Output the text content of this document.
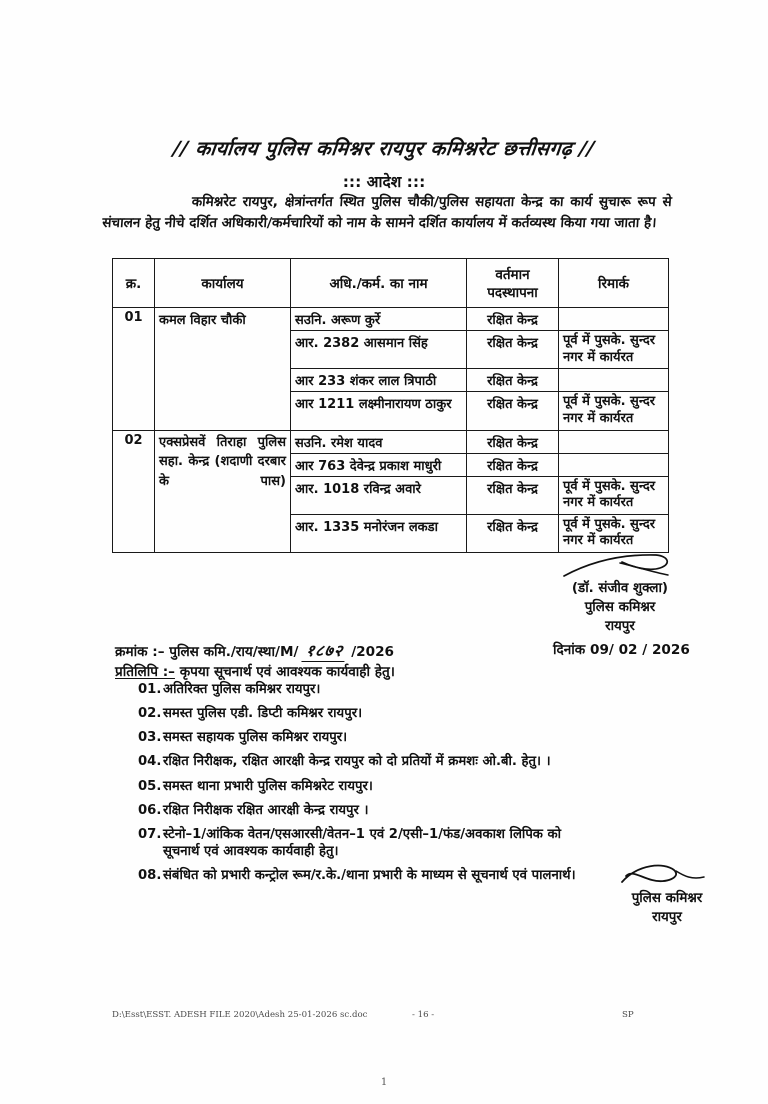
// कार्यालय पुलिस कमिश्नर रायपुर कमिश्नरेट छत्तीसगढ़ //
::: आदेश :::
कमिश्नरेट रायपुर, क्षेत्रांन्तर्गत स्थित पुलिस चौकी/पुलिस सहायता केन्द्र का कार्य सुचारू रूप से संचालन हेतु नीचे दर्शित अधिकारी/कर्मचारियों को नाम के सामने दर्शित कार्यालय में कर्तव्यस्थ किया गया जाता है।
क्र.	कार्यालय	अधि./कर्म. का नाम	वर्तमान पदस्थापना	रिमार्क
01	कमल विहार चौकी	सउनि. अरूण कुर्रे	रक्षित केन्द्र	
		आर. 2382 आसमान सिंह	रक्षित केन्द्र	पूर्व में पुसके. सुन्दर नगर में कार्यरत
		आर 233 शंकर लाल त्रिपाठी	रक्षित केन्द्र	
		आर 1211 लक्ष्मीनारायण ठाकुर	रक्षित केन्द्र	पूर्व में पुसके. सुन्दर नगर में कार्यरत
02	एक्सप्रेसवें तिराहा पुलिस सहा. केन्द्र (शदाणी दरबार के पास)	सउनि. रमेश यादव	रक्षित केन्द्र	
		आर 763 देवेन्द्र प्रकाश माधुरी	रक्षित केन्द्र	
		आर. 1018 रविन्द्र अवारे	रक्षित केन्द्र	पूर्व में पुसके. सुन्दर नगर में कार्यरत
		आर. 1335 मनोरंजन लकडा	रक्षित केन्द्र	पूर्व में पुसके. सुन्दर नगर में कार्यरत
(डॉ. संजीव शुक्ला)
पुलिस कमिश्नर
रायपुर
क्रमांक :– पुलिस कमि./राय/स्था/M/ १८७२ /2026	दिनांक 09/ 02 / 2026
प्रतिलिपि :– कृपया सूचनार्थ एवं आवश्यक कार्यवाही हेतु।
01. अतिरिक्त पुलिस कमिश्नर रायपुर।
02. समस्त पुलिस एडी. डिप्टी कमिश्नर रायपुर।
03. समस्त सहायक पुलिस कमिश्नर रायपुर।
04. रक्षित निरीक्षक, रक्षित आरक्षी केन्द्र रायपुर को दो प्रतियों में क्रमशः ओ.बी. हेतु। ।
05. समस्त थाना प्रभारी पुलिस कमिश्नरेट रायपुर।
06. रक्षित निरीक्षक रक्षित आरक्षी केन्द्र रायपुर ।
07. स्टेनो–1/आंकिक वेतन/एसआरसी/वेतन–1 एवं 2/एसी–1/फंड/अवकाश लिपिक को
सूचनार्थ एवं आवश्यक कार्यवाही हेतु।
08. संबंधित को प्रभारी कन्ट्रोल रूम/र.के./थाना प्रभारी के माध्यम से सूचनार्थ एवं पालनार्थ।
पुलिस कमिश्नर
रायपुर
D:\Esst\ESST. ADESH FILE 2020\Adesh 25-01-2026 sc.doc	- 16 -	SP
1
